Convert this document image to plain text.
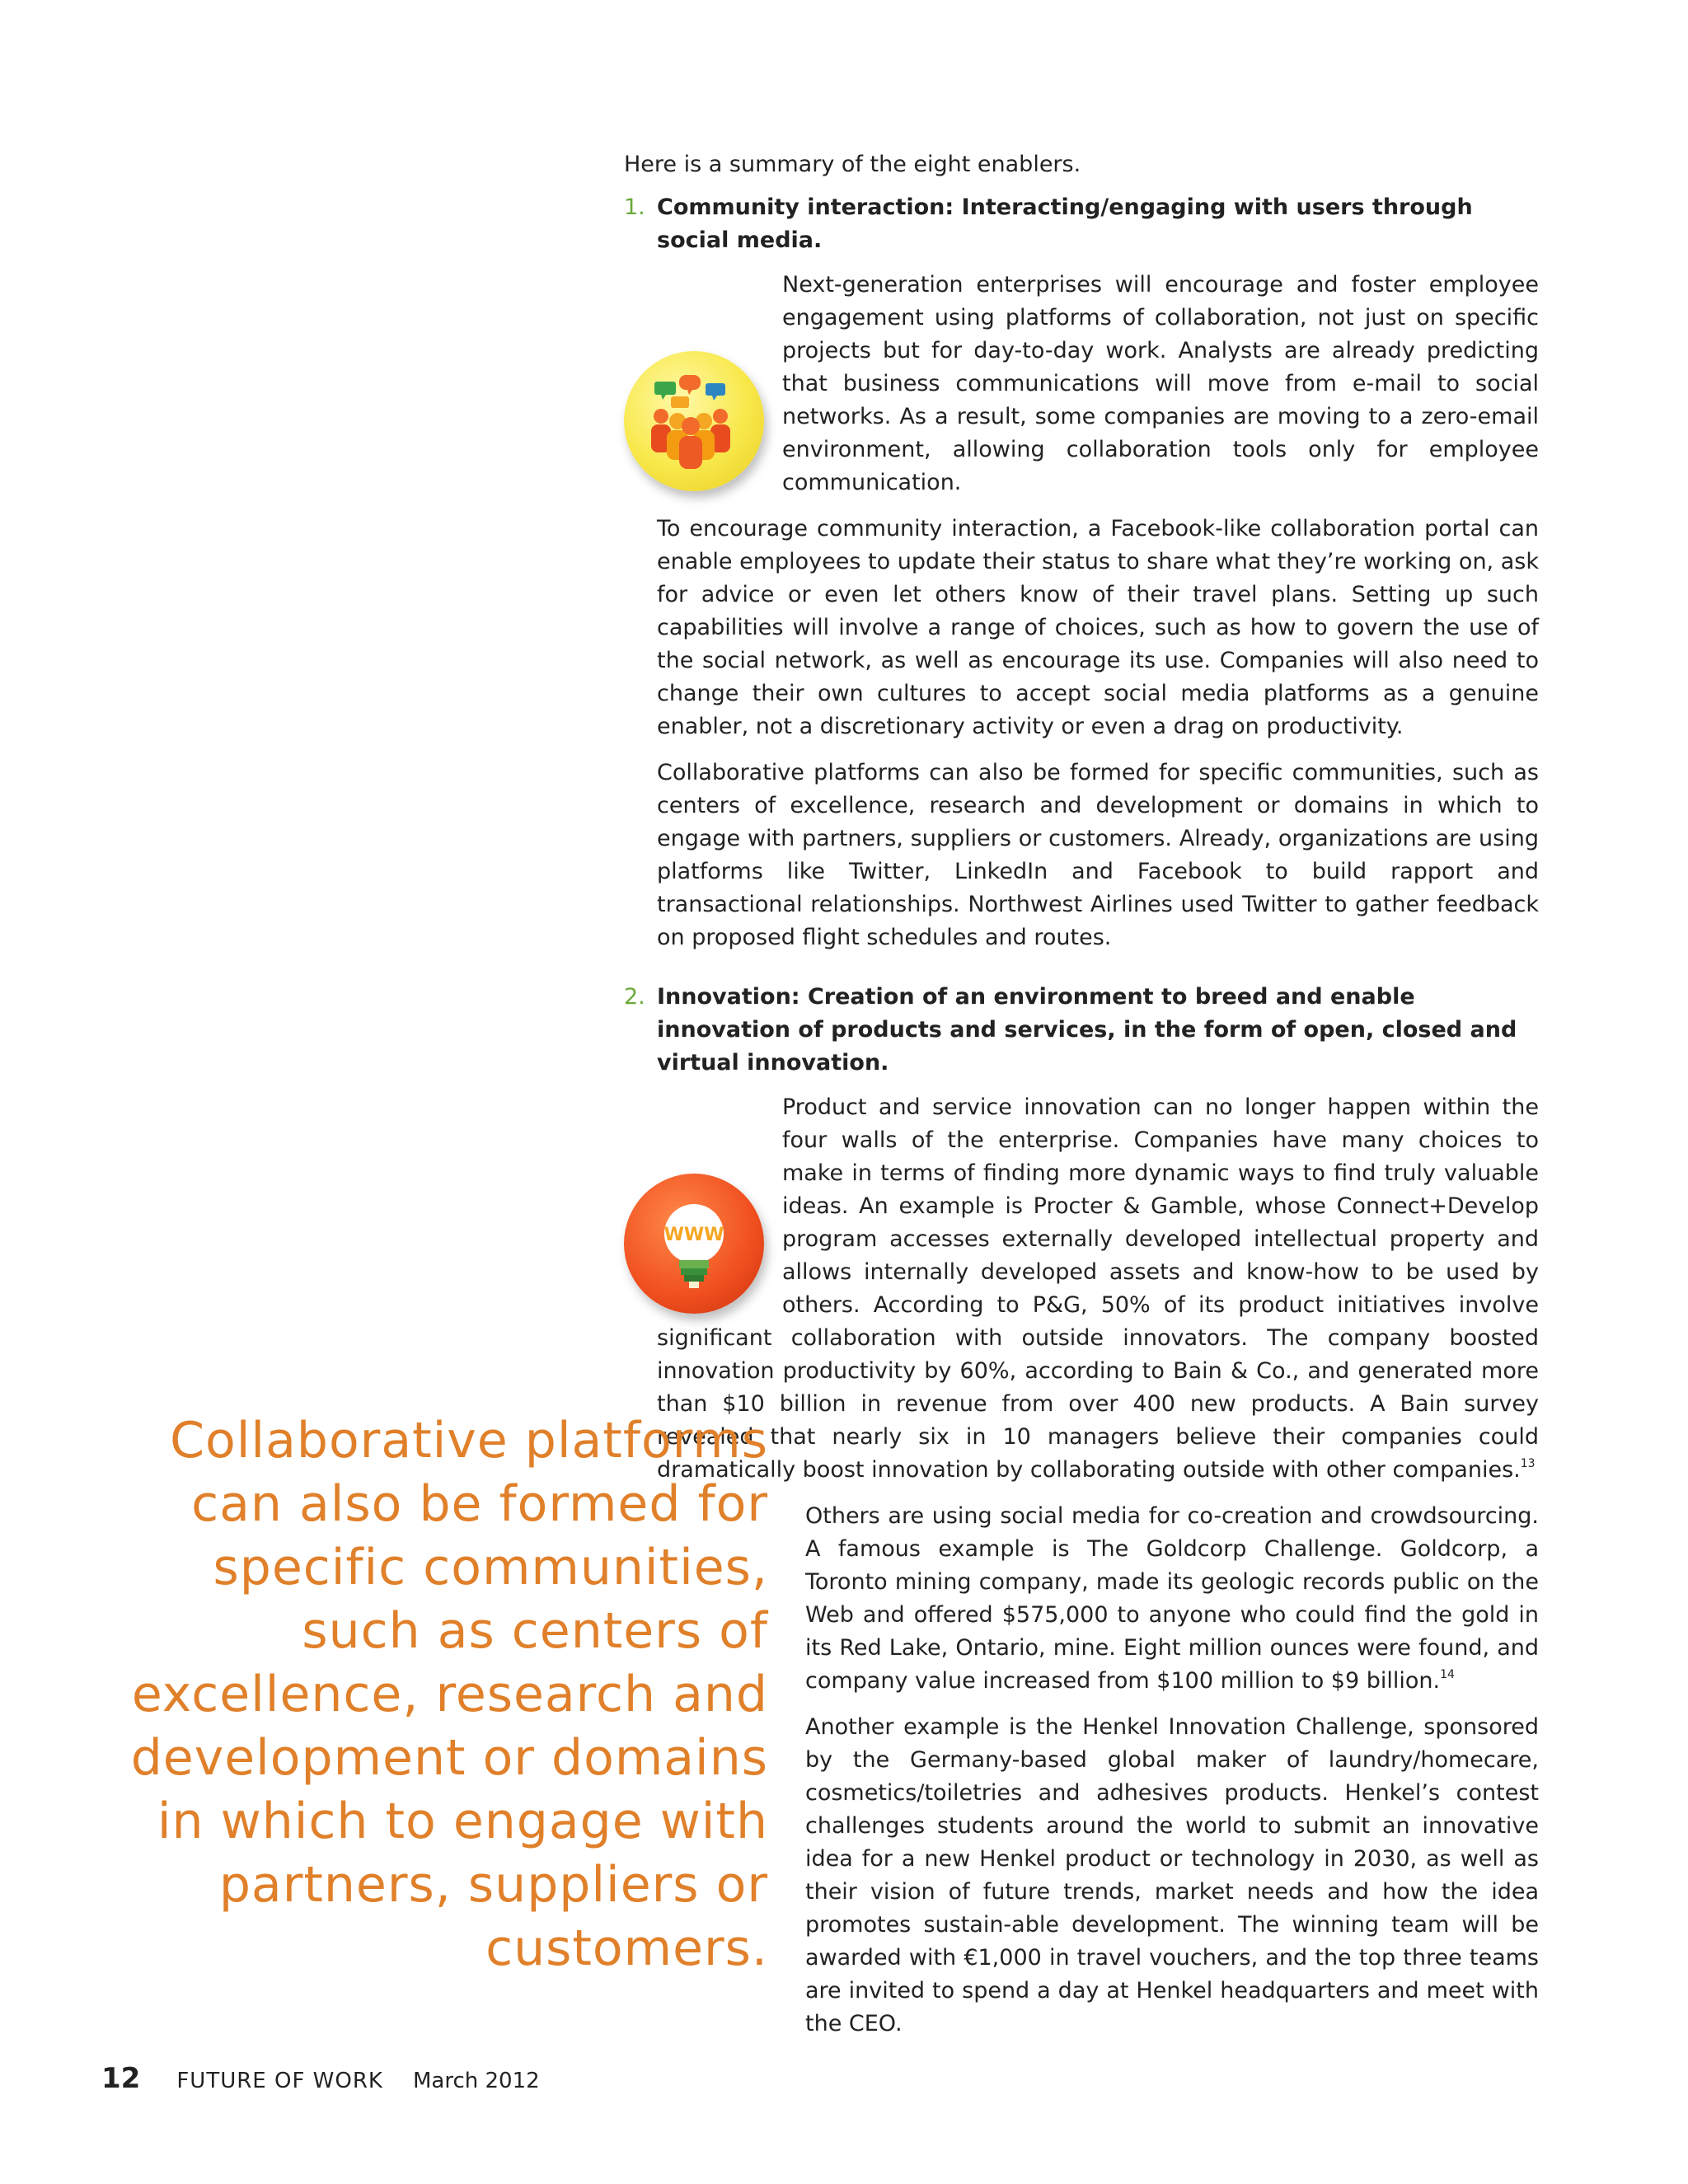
Here is a summary of the eight enablers.

1. Community interaction: Interacting/engaging with users through social media.

Next-generation enterprises will encourage and foster employee engagement using platforms of collaboration, not just on specific projects but for day-to-day work. Analysts are already predicting that business communications will move from e-mail to social networks. As a result, some companies are moving to a zero-email environment, allowing collaboration tools only for employee communication.

To encourage community interaction, a Facebook-like collaboration portal can enable employees to update their status to share what they’re working on, ask for advice or even let others know of their travel plans. Setting up such capabilities will involve a range of choices, such as how to govern the use of the social network, as well as encourage its use. Companies will also need to change their own cultures to accept social media platforms as a genuine enabler, not a discretionary activity or even a drag on productivity.

Collaborative platforms can also be formed for specific communities, such as centers of excellence, research and development or domains in which to engage with partners, suppliers or customers. Already, organizations are using platforms like Twitter, LinkedIn and Facebook to build rapport and transactional relationships. Northwest Airlines used Twitter to gather feedback on proposed flight schedules and routes.

2. Innovation: Creation of an environment to breed and enable innovation of products and services, in the form of open, closed and virtual innovation.

WWW
Product and service innovation can no longer happen within the four walls of the enterprise. Companies have many choices to make in terms of finding more dynamic ways to find truly valuable ideas. An example is Procter & Gamble, whose Connect+Develop program accesses externally developed intellectual property and allows internally developed assets and know-how to be used by others. According to P&G, 50% of its product initiatives involve significant collaboration with outside innovators. The company boosted innovation productivity by 60%, according to Bain & Co., and generated more than $10 billion in revenue from over 400 new products. A Bain survey revealed that nearly six in 10 managers believe their companies could dramatically boost innovation by collaborating outside with other companies.$^{13}$

Others are using social media for co-creation and crowdsourcing. A famous example is The Goldcorp Challenge. Goldcorp, a Toronto mining company, made its geologic records public on the Web and offered $575,000 to anyone who could find the gold in its Red Lake, Ontario, mine. Eight million ounces were found, and company value increased from $100 million to $9 billion.$^{14}$

Another example is the Henkel Innovation Challenge, sponsored by the Germany-based global maker of laundry/homecare, cosmetics/toiletries and adhesives products. Henkel’s contest challenges students around the world to submit an innovative idea for a new Henkel product or technology in 2030, as well as their vision of future trends, market needs and how the idea promotes sustain-able development. The winning team will be awarded with €1,000 in travel vouchers, and the top three teams are invited to spend a day at Henkel headquarters and meet with the CEO.

Collaborative platforms can also be formed for specific communities, such as centers of excellence, research and development or domains in which to engage with partners, suppliers or customers.
12 FUTURE OF WORK March 2012
